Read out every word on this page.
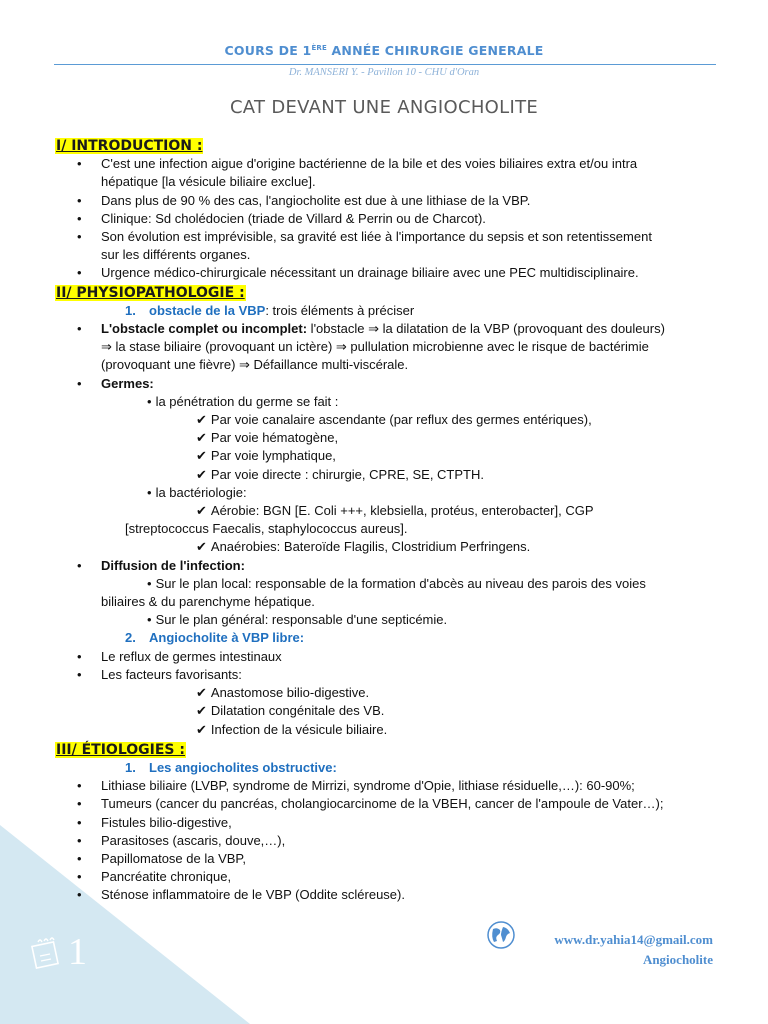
COURS DE 1ÈRE ANNÉE CHIRURGIE GENERALE
Dr. MANSERI Y. - Pavillon 10 - CHU d'Oran
CAT DEVANT UNE ANGIOCHOLITE
I/ INTRODUCTION :
• C'est une infection aigue d'origine bactérienne de la bile et des voies biliaires extra et/ou intra
hépatique [la vésicule biliaire exclue].
• Dans plus de 90 % des cas, l'angiocholite est due à une lithiase de la VBP.
• Clinique: Sd cholédocien (triade de Villard & Perrin ou de Charcot).
• Son évolution est imprévisible, sa gravité est liée à l'importance du sepsis et son retentissement
sur les différents organes.
• Urgence médico-chirurgicale nécessitant un drainage biliaire avec une PEC multidisciplinaire.
II/ PHYSIOPATHOLOGIE :
1. obstacle de la VBP: trois éléments à préciser
• L'obstacle complet ou incomplet: l'obstacle ⇒ la dilatation de la VBP (provoquant des douleurs)
⇒ la stase biliaire (provoquant un ictère) ⇒ pullulation microbienne avec le risque de bactérimie
(provoquant une fièvre) ⇒ Défaillance multi-viscérale.
• Germes:
• la pénétration du germe se fait :
✔ Par voie canalaire ascendante (par reflux des germes entériques),
✔ Par voie hématogène,
✔ Par voie lymphatique,
✔ Par voie directe : chirurgie, CPRE, SE, CTPTH.
• la bactériologie:
✔ Aérobie: BGN [E. Coli +++, klebsiella, protéus, enterobacter], CGP
[streptococcus Faecalis, staphylococcus aureus].
✔ Anaérobies: Bateroïde Flagilis, Clostridium Perfringens.
• Diffusion de l'infection:
• Sur le plan local: responsable de la formation d'abcès au niveau des parois des voies
biliaires & du parenchyme hépatique.
• Sur le plan général: responsable d'une septicémie.
2. Angiocholite à VBP libre:
• Le reflux de germes intestinaux
• Les facteurs favorisants:
✔ Anastomose bilio-digestive.
✔ Dilatation congénitale des VB.
✔ Infection de la vésicule biliaire.
III/ ÉTIOLOGIES :
1. Les angiocholites obstructive:
• Lithiase biliaire (LVBP, syndrome de Mirrizi, syndrome d'Opie, lithiase résiduelle,…): 60-90%;
• Tumeurs (cancer du pancréas, cholangiocarcinome de la VBEH, cancer de l'ampoule de Vater…);
• Fistules bilio-digestive,
• Parasitoses (ascaris, douve,…),
• Papillomatose de la VBP,
• Pancréatite chronique,
• Sténose inflammatoire de le VBP (Oddite scléreuse).
www.dr.yahia14@gmail.com
Angiocholite
1
